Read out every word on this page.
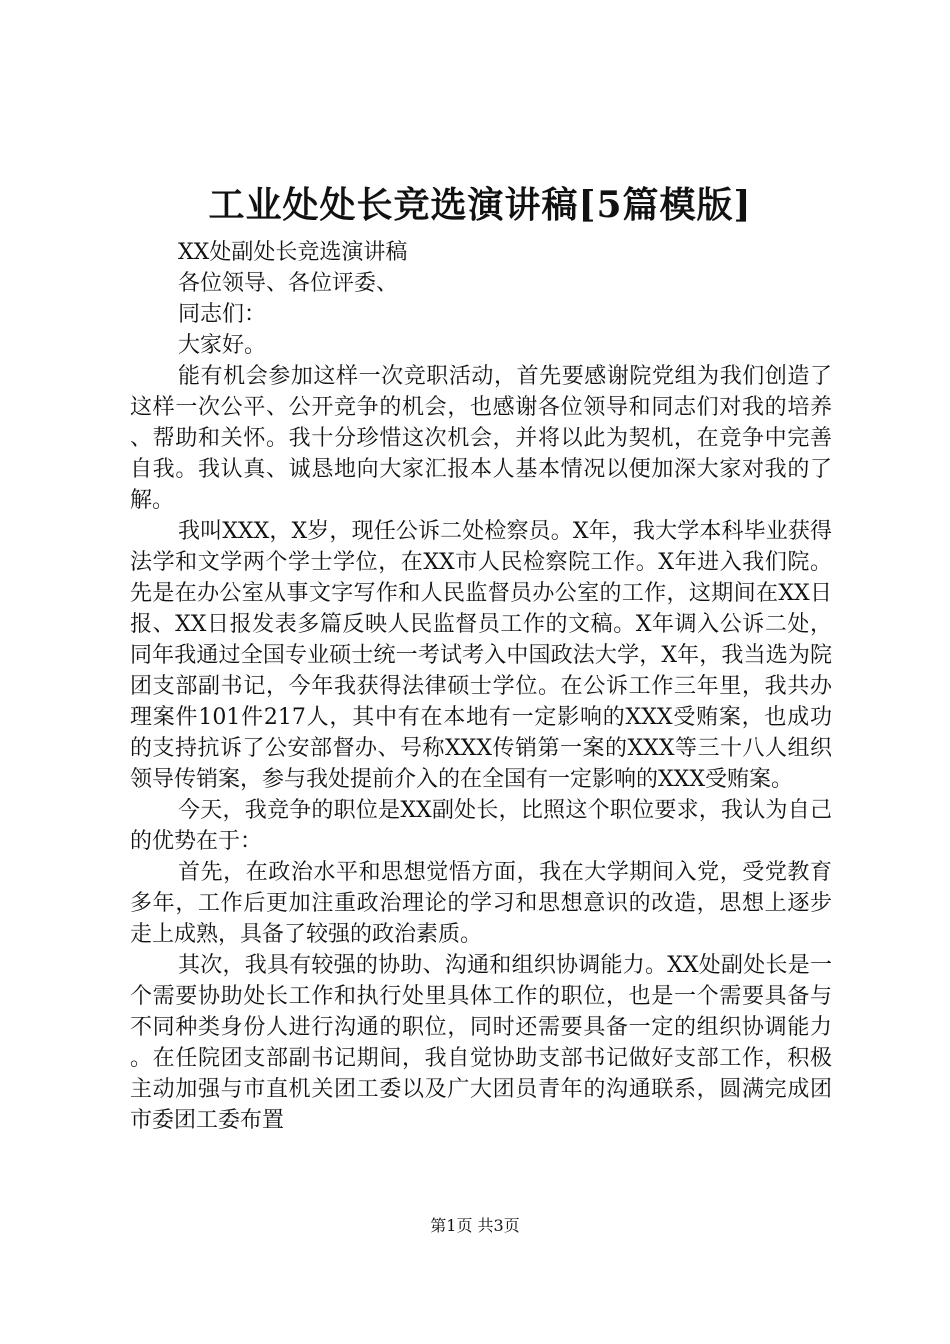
工业处处长竞选演讲稿[5篇模版]
XX处副处长竞选演讲稿
各位领导、各位评委、
同志们：
大家好。

能有机会参加这样一次竞职活动，首先要感谢院党组为我们创造了这样一次公平、公开竞争的机会，也感谢各位领导和同志们对我的培养、帮助和关怀。我十分珍惜这次机会，并将以此为契机，在竞争中完善自我。我认真、诚恳地向大家汇报本人基本情况以便加深大家对我的了解。

我叫XXX，X岁，现任公诉二处检察员。X年，我大学本科毕业获得法学和文学两个学士学位，在XX市人民检察院工作。X年进入我们院。先是在办公室从事文字写作和人民监督员办公室的工作，这期间在XX日报、XX日报发表多篇反映人民监督员工作的文稿。X年调入公诉二处，同年我通过全国专业硕士统一考试考入中国政法大学，X年，我当选为院团支部副书记，今年我获得法律硕士学位。在公诉工作三年里，我共办理案件101件217人，其中有在本地有一定影响的XXX受贿案，也成功的支持抗诉了公安部督办、号称XXX传销第一案的XXX等三十八人组织领导传销案，参与我处提前介入的在全国有一定影响的XXX受贿案。

今天，我竞争的职位是XX副处长，比照这个职位要求，我认为自己的优势在于：

首先，在政治水平和思想觉悟方面，我在大学期间入党，受党教育多年，工作后更加注重政治理论的学习和思想意识的改造，思想上逐步走上成熟，具备了较强的政治素质。

其次，我具有较强的协助、沟通和组织协调能力。XX处副处长是一个需要协助处长工作和执行处里具体工作的职位，也是一个需要具备与不同种类身份人进行沟通的职位，同时还需要具备一定的组织协调能力。在任院团支部副书记期间，我自觉协助支部书记做好支部工作，积极主动加强与市直机关团工委以及广大团员青年的沟通联系，圆满完成团市委团工委布置

第1页 共3页
